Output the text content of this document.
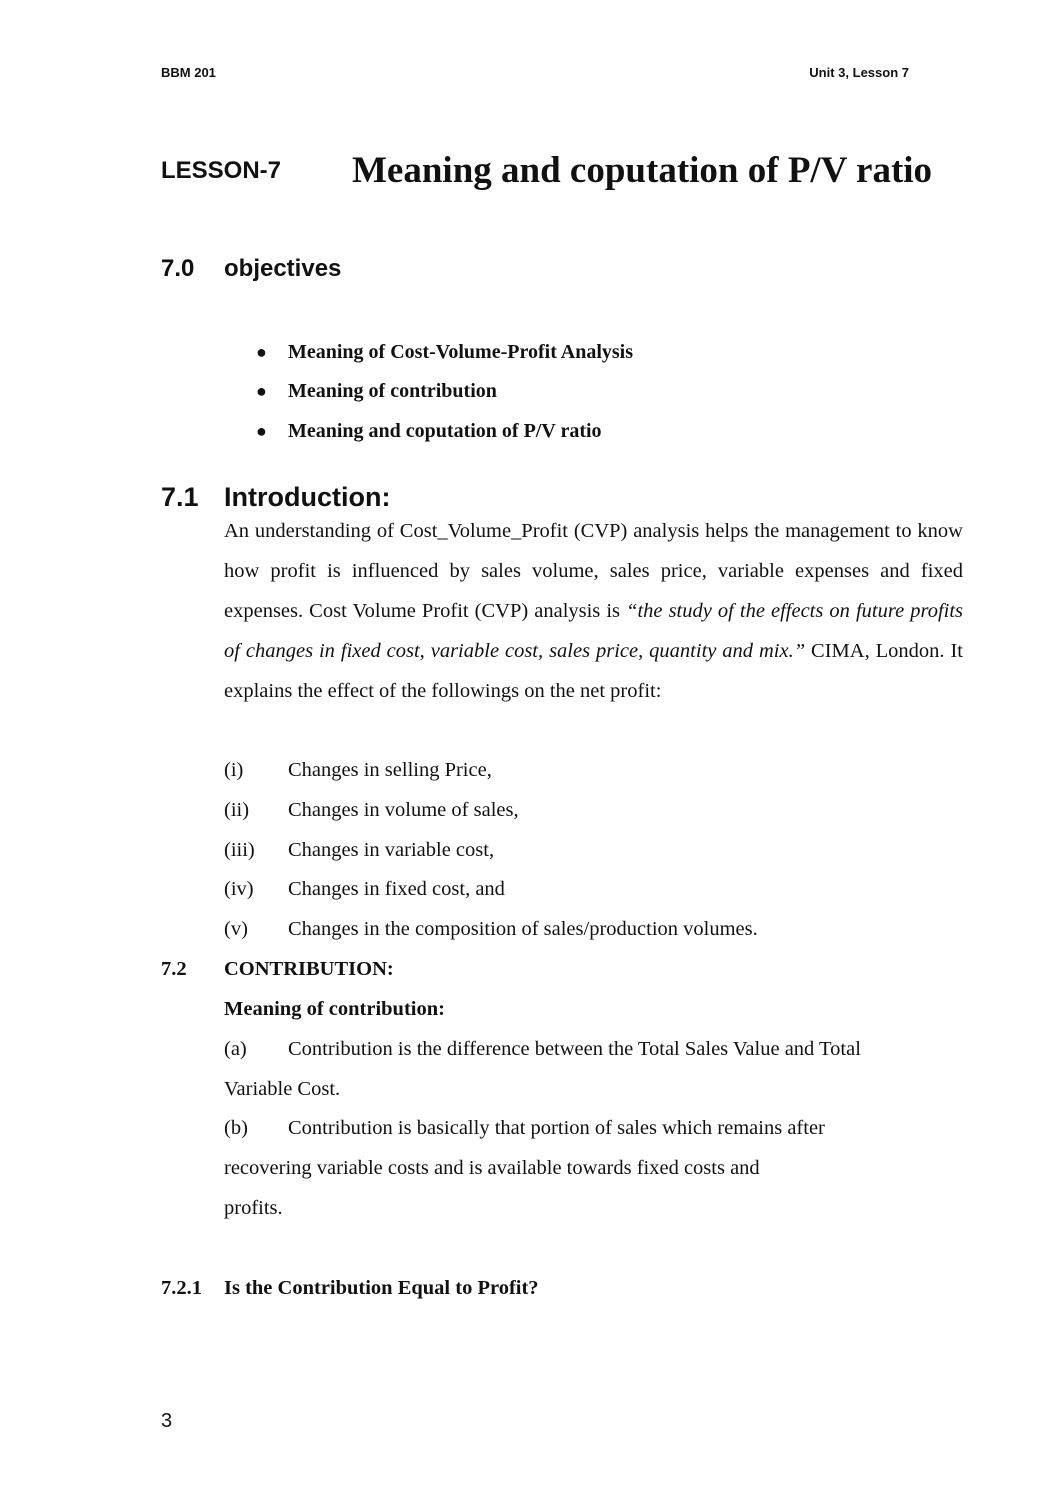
BBM 201	Unit 3, Lesson 7
LESSON-7 Meaning and coputation of P/V ratio
7.0 objectives
● Meaning of Cost-Volume-Profit Analysis
● Meaning of contribution
● Meaning and coputation of P/V ratio
7.1 Introduction:

An understanding of Cost_Volume_Profit (CVP) analysis helps the management to know how profit is influenced by sales volume, sales price, variable expenses and fixed expenses. Cost Volume Profit (CVP) analysis is “the study of the effects on future profits of changes in fixed cost, variable cost, sales price, quantity and mix.” CIMA, London. It explains the effect of the followings on the net profit:

(i) Changes in selling Price,
(ii) Changes in volume of sales,
(iii) Changes in variable cost,
(iv) Changes in fixed cost, and
(v) Changes in the composition of sales/production volumes.
7.2 CONTRIBUTION:
Meaning of contribution:
(a) Contribution is the difference between the Total Sales Value and Total
Variable Cost.
(b) Contribution is basically that portion of sales which remains after
recovering variable costs and is available towards fixed costs and
profits.
7.2.1 Is the Contribution Equal to Profit?
3
